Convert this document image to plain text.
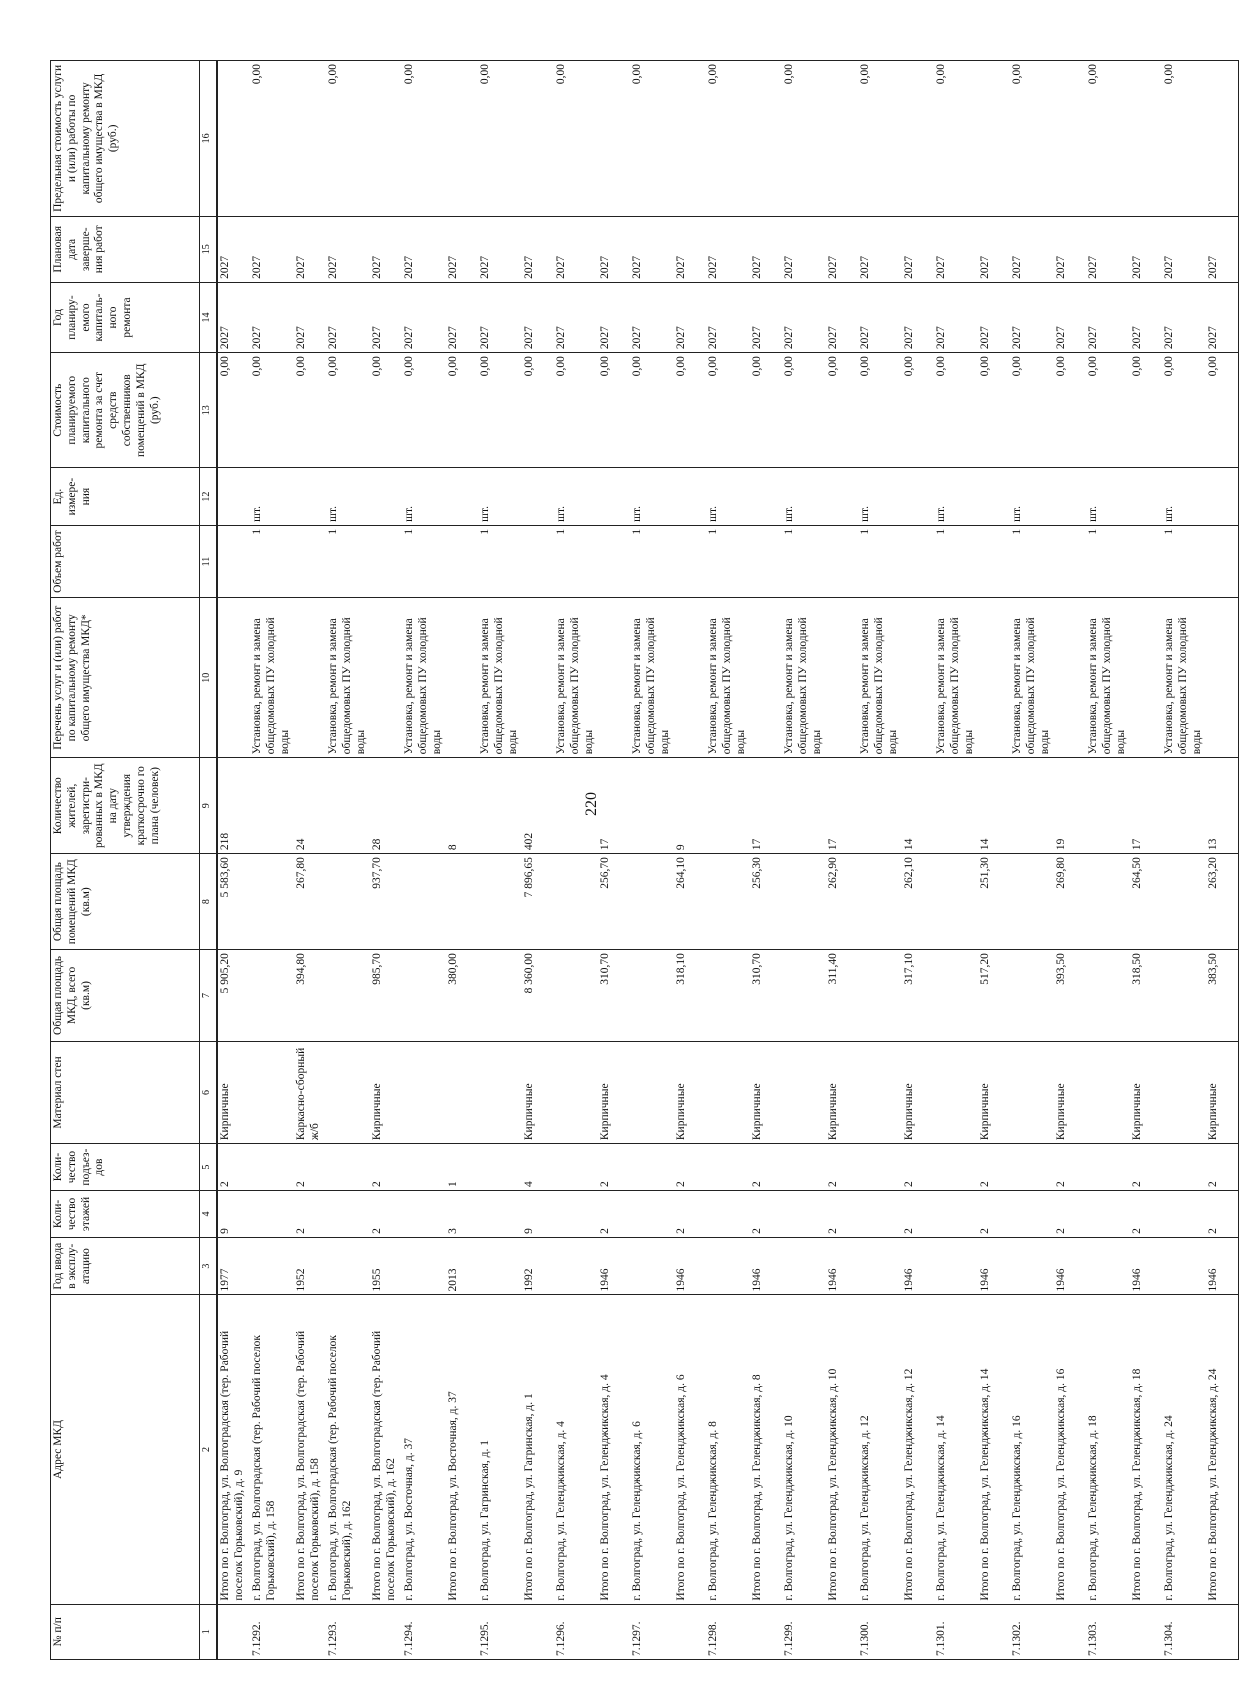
220
№ п/п	Адрес МКД	Год ввода в эксплу-атацию	Коли-чество этажей	Коли-чество подъез-дов	Материал стен	Общая площадь МКД, всего (кв.м)	Общая площадь помещений МКД (кв.м)	Количество жителей, зарегистри-рованных в МКД на дату утверждения краткосрочно го плана (человек)	Перечень услуг и (или) работ по капитальному ремонту общего имущества МКД*	Объем работ	Ед. измере-ния	Стоимость планируемого капитального ремонта за счет средств собственников помещений в МКД (руб.)	Год планиру-емого капиталь-ного ремонта	Плановая дата заверше-ния работ	Предельная стоимость услуги и (или) работы по капитальному ремонту общего имущества в МКД (руб.)
1	2	3	4	5	6	7	8	9	10	11	12	13	14	15	16
	Итого по г. Волгоград, ул. Волгоградская (тер. Рабочий поселок Горьковский), д. 9	1977	9	2	Кирпичные	5 905,20	5 583,60	218				0,00	2027	2027	
7.1292.	г. Волгоград, ул. Волгоградская (тер. Рабочий поселок Горьковский), д. 158								Установка, ремонт и замена общедомовых ПУ холодной воды	1	шт.	0,00	2027	2027	0,00
	Итого по г. Волгоград, ул. Волгоградская (тер. Рабочий поселок Горьковский), д. 158	1952	2	2	Каркасно-сборный ж/б	394,80	267,80	24				0,00	2027	2027	
7.1293.	г. Волгоград, ул. Волгоградская (тер. Рабочий поселок Горьковский), д. 162								Установка, ремонт и замена общедомовых ПУ холодной воды	1	шт.	0,00	2027	2027	0,00
	Итого по г. Волгоград, ул. Волгоградская (тер. Рабочий поселок Горьковский), д. 162	1955	2	2	Кирпичные	985,70	937,70	28				0,00	2027	2027	
7.1294.	г. Волгоград, ул. Восточная, д. 37								Установка, ремонт и замена общедомовых ПУ холодной воды	1	шт.	0,00	2027	2027	0,00
	Итого по г. Волгоград, ул. Восточная, д. 37	2013	3	1		380,00		8				0,00	2027	2027	
7.1295.	г. Волгоград, ул. Гагринская, д. 1								Установка, ремонт и замена общедомовых ПУ холодной воды	1	шт.	0,00	2027	2027	0,00
	Итого по г. Волгоград, ул. Гагринская, д. 1	1992	9	4	Кирпичные	8 360,00	7 896,65	402				0,00	2027	2027	
7.1296.	г. Волгоград, ул. Геленджикская, д. 4								Установка, ремонт и замена общедомовых ПУ холодной воды	1	шт.	0,00	2027	2027	0,00
	Итого по г. Волгоград, ул. Геленджикская, д. 4	1946	2	2	Кирпичные	310,70	256,70	17				0,00	2027	2027	
7.1297.	г. Волгоград, ул. Геленджикская, д. 6								Установка, ремонт и замена общедомовых ПУ холодной воды	1	шт.	0,00	2027	2027	0,00
	Итого по г. Волгоград, ул. Геленджикская, д. 6	1946	2	2	Кирпичные	318,10	264,10	9				0,00	2027	2027	
7.1298.	г. Волгоград, ул. Геленджикская, д. 8								Установка, ремонт и замена общедомовых ПУ холодной воды	1	шт.	0,00	2027	2027	0,00
	Итого по г. Волгоград, ул. Геленджикская, д. 8	1946	2	2	Кирпичные	310,70	256,30	17				0,00	2027	2027	
7.1299.	г. Волгоград, ул. Геленджикская, д. 10								Установка, ремонт и замена общедомовых ПУ холодной воды	1	шт.	0,00	2027	2027	0,00
	Итого по г. Волгоград, ул. Геленджикская, д. 10	1946	2	2	Кирпичные	311,40	262,90	17				0,00	2027	2027	
7.1300.	г. Волгоград, ул. Геленджикская, д. 12								Установка, ремонт и замена общедомовых ПУ холодной воды	1	шт.	0,00	2027	2027	0,00
	Итого по г. Волгоград, ул. Геленджикская, д. 12	1946	2	2	Кирпичные	317,10	262,10	14				0,00	2027	2027	
7.1301.	г. Волгоград, ул. Геленджикская, д. 14								Установка, ремонт и замена общедомовых ПУ холодной воды	1	шт.	0,00	2027	2027	0,00
	Итого по г. Волгоград, ул. Геленджикская, д. 14	1946	2	2	Кирпичные	517,20	251,30	14				0,00	2027	2027	
7.1302.	г. Волгоград, ул. Геленджикская, д. 16								Установка, ремонт и замена общедомовых ПУ холодной воды	1	шт.	0,00	2027	2027	0,00
	Итого по г. Волгоград, ул. Геленджикская, д. 16	1946	2	2	Кирпичные	393,50	269,80	19				0,00	2027	2027	
7.1303.	г. Волгоград, ул. Геленджикская, д. 18								Установка, ремонт и замена общедомовых ПУ холодной воды	1	шт.	0,00	2027	2027	0,00
	Итого по г. Волгоград, ул. Геленджикская, д. 18	1946	2	2	Кирпичные	318,50	264,50	17				0,00	2027	2027	
7.1304.	г. Волгоград, ул. Геленджикская, д. 24								Установка, ремонт и замена общедомовых ПУ холодной воды	1	шт.	0,00	2027	2027	0,00
	Итого по г. Волгоград, ул. Геленджикская, д. 24	1946	2	2	Кирпичные	383,50	263,20	13				0,00	2027	2027	
